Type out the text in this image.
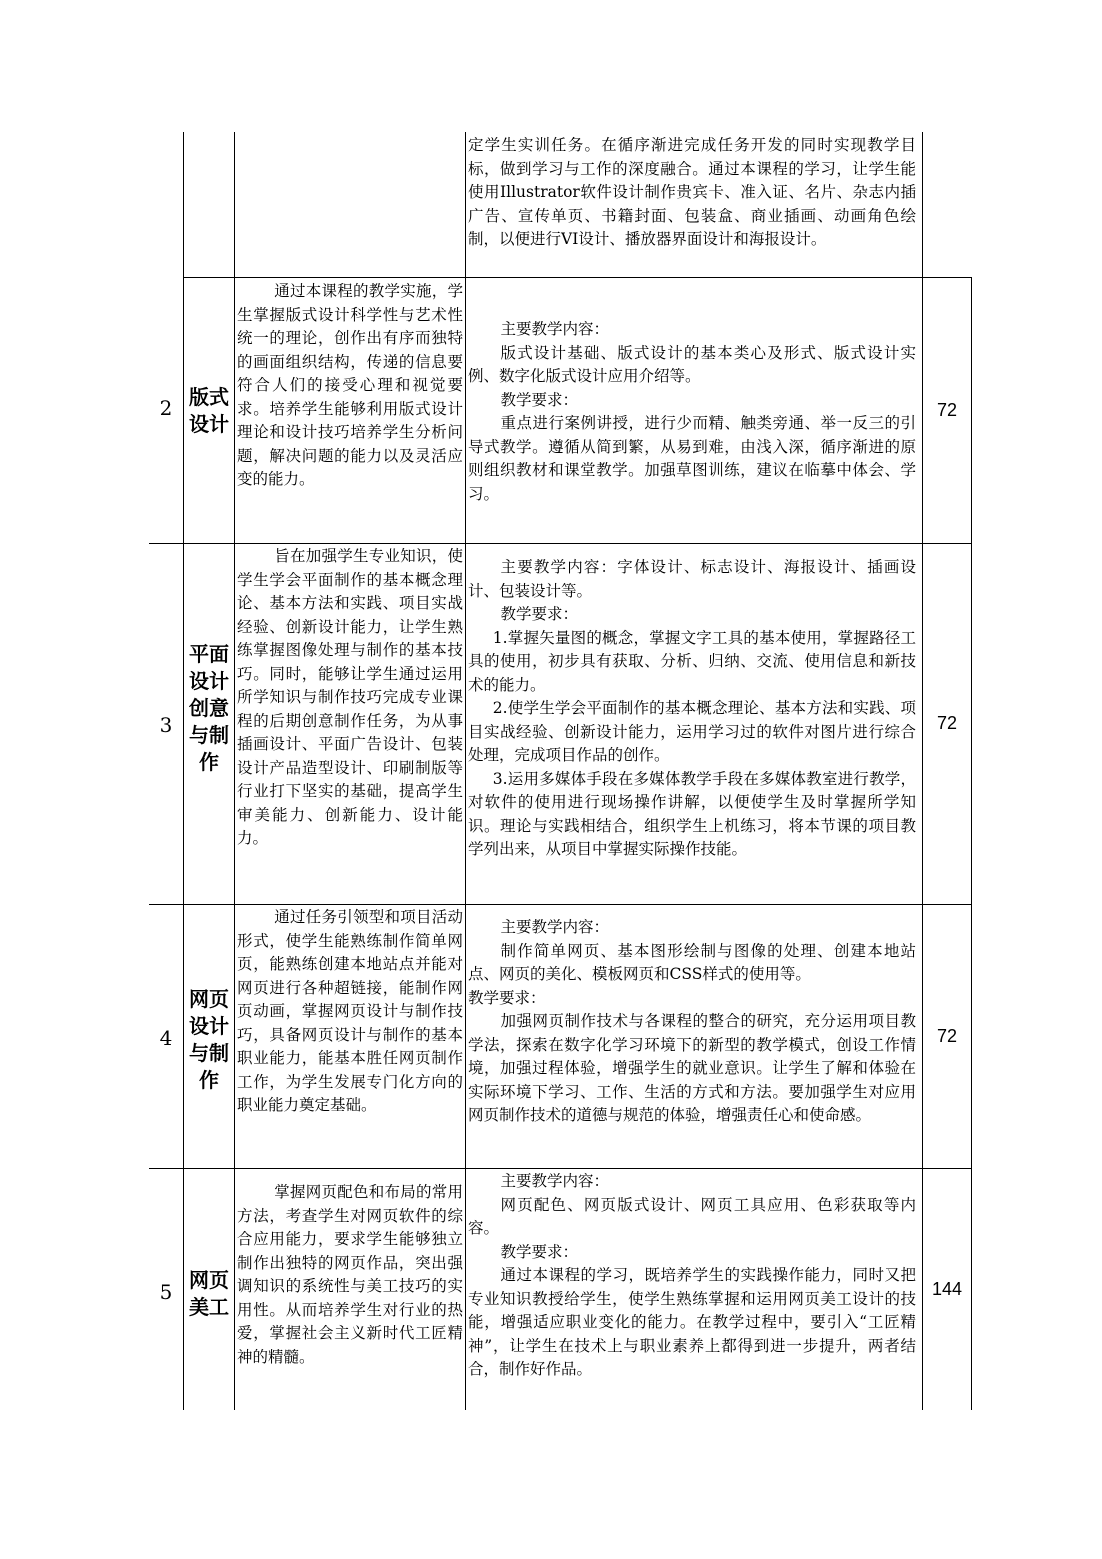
定学生实训任务。在循序渐进完成任务开发的同时实现教学目标，做到学习与工作的深度融合。通过本课程的学习，让学生能使用Illustrator软件设计制作贵宾卡、准入证、名片、杂志内插广告、宣传单页、书籍封面、包装盒、商业插画、动画角色绘制，以便进行VI设计、播放器界面设计和海报设计。
2 版式
设计
通过本课程的教学实施，学生掌握版式设计科学性与艺术性统一的理论，创作出有序而独特的画面组织结构，传递的信息要符合人们的接受心理和视觉要求。培养学生能够利用版式设计理论和设计技巧培养学生分析问题，解决问题的能力以及灵活应变的能力。
主要教学内容：
版式设计基础、版式设计的基本类心及形式、版式设计实例、数字化版式设计应用介绍等。
教学要求：
重点进行案例讲授，进行少而精、触类旁通、举一反三的引导式教学。遵循从简到繁，从易到难，由浅入深，循序渐进的原则组织教材和课堂教学。加强草图训练，建议在临摹中体会、学习。
72
3
平面
设计
创意
与制
作
旨在加强学生专业知识，使学生学会平面制作的基本概念理论、基本方法和实践、项目实战经验、创新设计能力，让学生熟练掌握图像处理与制作的基本技巧。同时，能够让学生通过运用所学知识与制作技巧完成专业课程的后期创意制作任务，为从事插画设计、平面广告设计、包装设计产品造型设计、印刷制版等行业打下坚实的基础，提高学生审美能力、创新能力、设计能力。
主要教学内容：字体设计、标志设计、海报设计、插画设计、包装设计等。
教学要求：
1.掌握矢量图的概念，掌握文字工具的基本使用，掌握路径工具的使用，初步具有获取、分析、归纳、交流、使用信息和新技术的能力。
2.使学生学会平面制作的基本概念理论、基本方法和实践、项目实战经验、创新设计能力，运用学习过的软件对图片进行综合处理，完成项目作品的创作。
3.运用多媒体手段在多媒体教学手段在多媒体教室进行教学，对软件的使用进行现场操作讲解，以便使学生及时掌握所学知识。理论与实践相结合，组织学生上机练习，将本节课的项目教学列出来，从项目中掌握实际操作技能。
72
4
网页
设计
与制
作
通过任务引领型和项目活动形式，使学生能熟练制作简单网页，能熟练创建本地站点并能对网页进行各种超链接，能制作网页动画，掌握网页设计与制作技巧，具备网页设计与制作的基本职业能力，能基本胜任网页制作工作，为学生发展专门化方向的职业能力奠定基础。
主要教学内容：
制作简单网页、基本图形绘制与图像的处理、创建本地站点、网页的美化、模板网页和CSS样式的使用等。
教学要求：
加强网页制作技术与各课程的整合的研究，充分运用项目教学法，探索在数字化学习环境下的新型的教学模式，创设工作情境，加强过程体验，增强学生的就业意识。让学生了解和体验在实际环境下学习、工作、生活的方式和方法。要加强学生对应用网页制作技术的道德与规范的体验，增强责任心和使命感。
72
5 网页
美工
掌握网页配色和布局的常用方法，考查学生对网页软件的综合应用能力，要求学生能够独立制作出独特的网页作品，突出强调知识的系统性与美工技巧的实用性。从而培养学生对行业的热爱，掌握社会主义新时代工匠精神的精髓。
主要教学内容：
网页配色、网页版式设计、网页工具应用、色彩获取等内容。
教学要求：
通过本课程的学习，既培养学生的实践操作能力，同时又把专业知识教授给学生，使学生熟练掌握和运用网页美工设计的技能，增强适应职业变化的能力。在教学过程中，要引入“工匠精神”，让学生在技术上与职业素养上都得到进一步提升，两者结合，制作好作品。
144
